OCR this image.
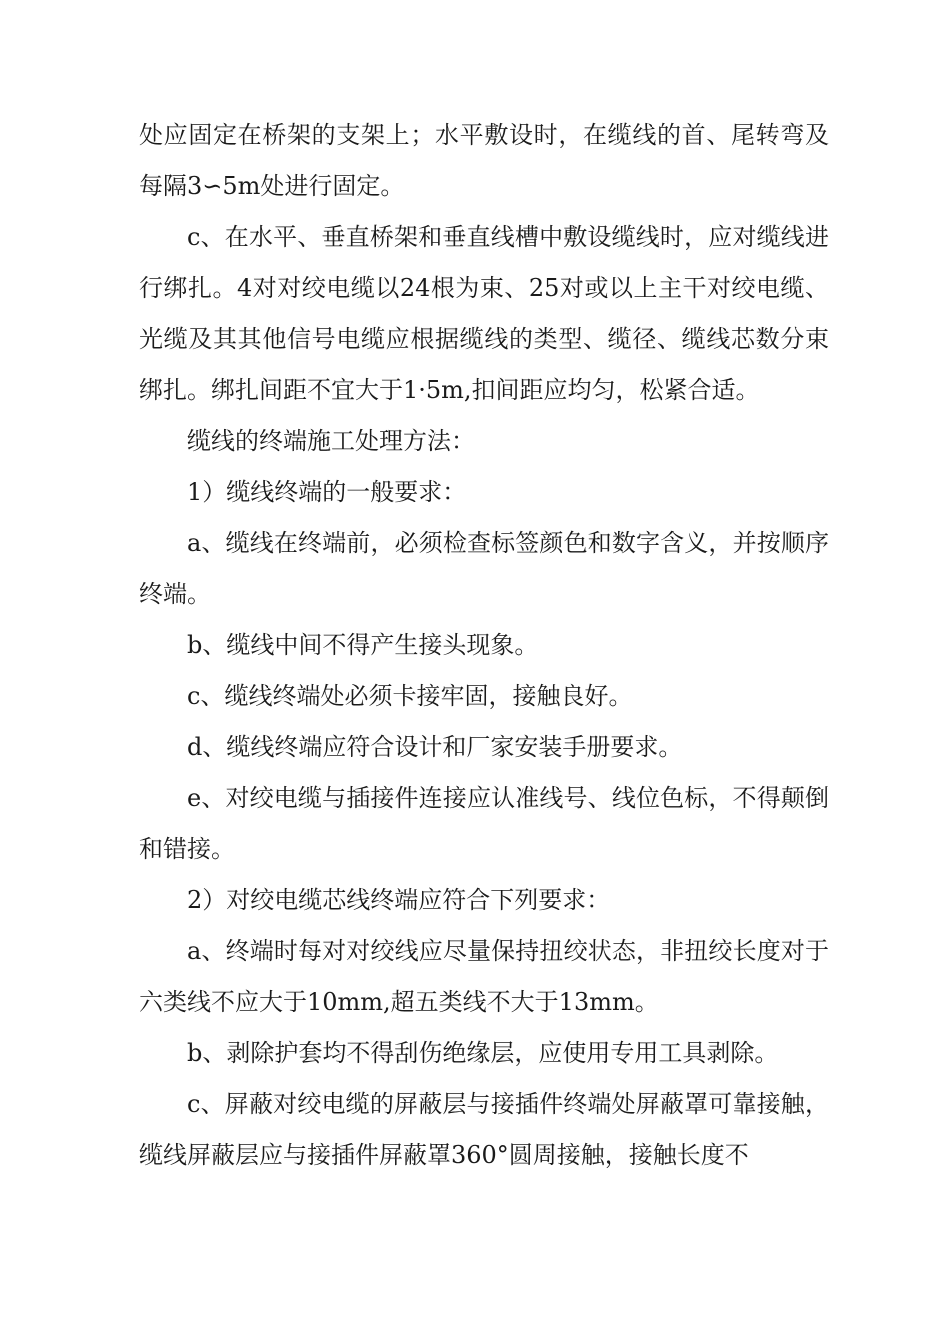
处应固定在桥架的支架上；水平敷设时，在缆线的首、尾转弯及每隔3∽5m处进行固定。

c、在水平、垂直桥架和垂直线槽中敷设缆线时，应对缆线进行绑扎。4对对绞电缆以24根为束、25对或以上主干对绞电缆、光缆及其其他信号电缆应根据缆线的类型、缆径、缆线芯数分束绑扎。绑扎间距不宜大于1·5m,扣间距应均匀，松紧合适。

缆线的终端施工处理方法：

1）缆线终端的一般要求：

a、缆线在终端前，必须检查标签颜色和数字含义，并按顺序终端。

b、缆线中间不得产生接头现象。

c、缆线终端处必须卡接牢固，接触良好。

d、缆线终端应符合设计和厂家安装手册要求。

e、对绞电缆与插接件连接应认准线号、线位色标，不得颠倒和错接。

2）对绞电缆芯线终端应符合下列要求：

a、终端时每对对绞线应尽量保持扭绞状态，非扭绞长度对于六类线不应大于10mm,超五类线不大于13mm。

b、剥除护套均不得刮伤绝缘层，应使用专用工具剥除。

c、屏蔽对绞电缆的屏蔽层与接插件终端处屏蔽罩可靠接触，缆线屏蔽层应与接插件屏蔽罩360°圆周接触，接触长度不
